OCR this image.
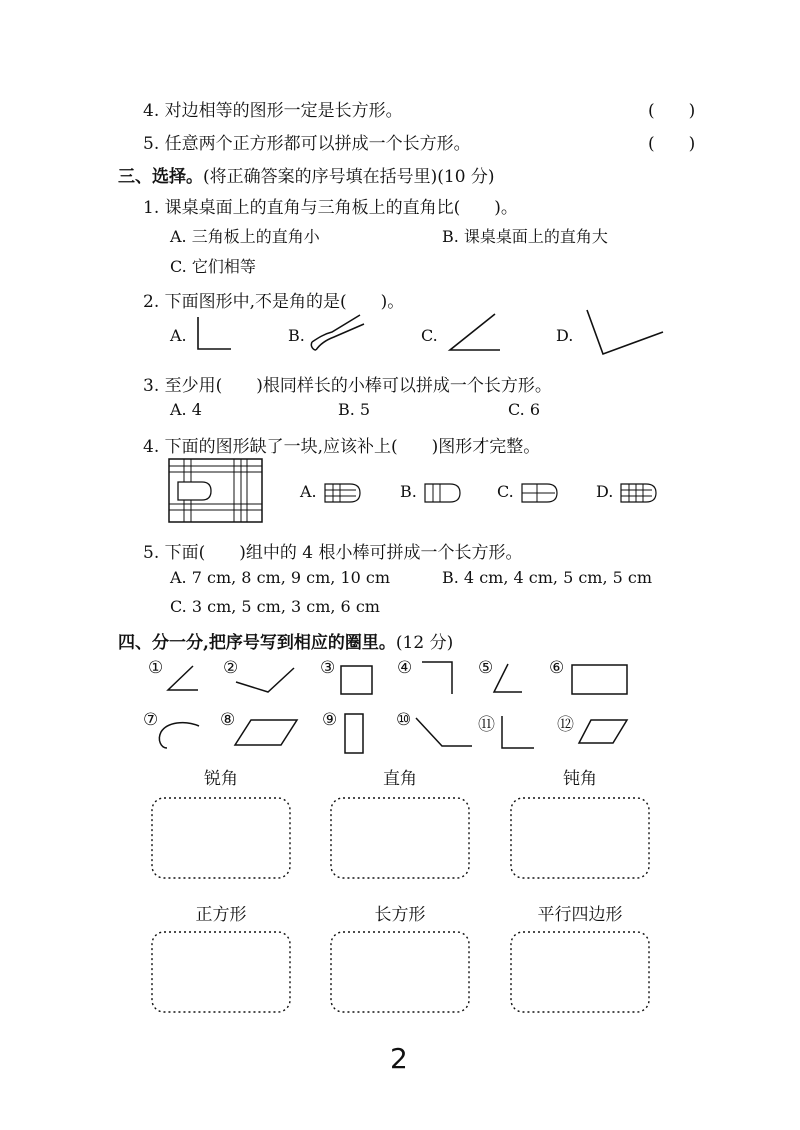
4. 对边相等的图形一定是长方形。	(　　)
5. 任意两个正方形都可以拼成一个长方形。	(　　)
三、选择。(将正确答案的序号填在括号里)(10 分)
1. 课桌桌面上的直角与三角板上的直角比(　　)。
A. 三角板上的直角小	B. 课桌桌面上的直角大
C. 它们相等
2. 下面图形中,不是角的是(　　)。
A.	B.	C.	D.
3. 至少用(　　)根同样长的小棒可以拼成一个长方形。
A. 4	B. 5	C. 6
4. 下面的图形缺了一块,应该补上(　　)图形才完整。
A.	B.	C.	D.
5. 下面(　　)组中的 4 根小棒可拼成一个长方形。
A. 7 cm, 8 cm, 9 cm, 10 cm	B. 4 cm, 4 cm, 5 cm, 5 cm
C. 3 cm, 5 cm, 3 cm, 6 cm
四、分一分,把序号写到相应的圈里。(12 分)
①	②	③	④	⑤	⑥
⑦	⑧	⑨	⑩	⑪	⑫
锐角	直角	钝角
正方形	长方形	平行四边形
2
